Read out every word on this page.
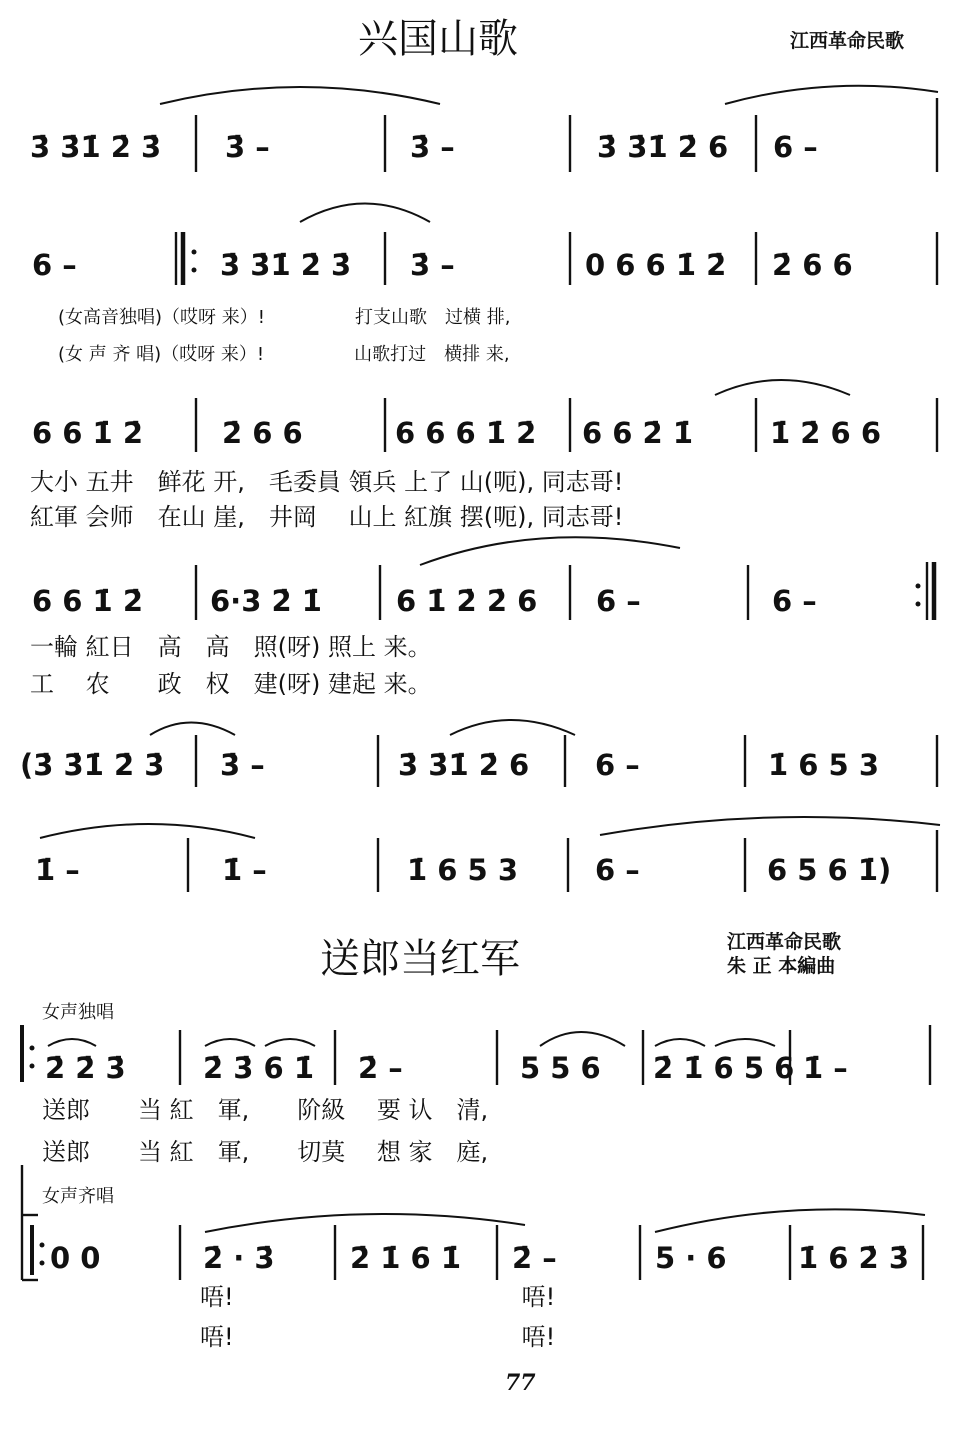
兴国山歌	江西革命民歌
3̇ 3̇1̇ 2̇ 3̇ 3̇ –	3̇ –	3̇ 3̇1̇ 2̇ 6 6 –
6 –	3̇ 3̇1̇ 2̇ 3̇ 3̇ –	0 6 6 1̇ 2̇ 2̇ 6 6
(女高音独唱)（哎呀 来）!　　　　　打支山歌　过横 排,
(女 声 齐 唱)（哎呀 来）!　　　　　山歌打过　横排 来,
6 6 1̇ 2̇	2̇ 6 6	6 6 6 1̇ 2̇ 6 6 2̇ 1̇	1̇ 2̇ 6 6
大小 五井　鲜花 开,　毛委員 領兵 上了 山(呃), 同志哥!
紅軍 会师　在山 崖,　井岡　 山上 紅旗 摆(呃), 同志哥!
6 6 1̇ 2̇ 6·3 2̇ 1̇	6 1̇ 2̇ 2̇ 6 6 –	6 –
一輪 紅日　高　高　照(呀) 照上 来。
工　 农　　政　权　建(呀) 建起 来。
(3̇ 3̇1̇ 2̇ 3̇ 3̇ –	3̇ 3̇1̇ 2̇ 6 6 –	1̇ 6 5 3
1̇ –	1̇ –	1̇ 6 5 3	6 –	6 5 6 1̇)
送郎当红军	江西革命民歌
朱 正 本編曲
女声独唱
2̇ 2̇ 3̇	2̇ 3̇ 6 1̇ 2̇ –	5 5 6 2̇ 1̇ 6 5 6 1̇ –
送郎　　当 紅　軍,　　阶級　 要 认　清,
送郎　　当 紅　軍,　　切莫　 想 家　庭,
女声齐唱
0 0	2̇ · 3̇	2̇ 1̇ 6 1̇ 2̇ –	5 · 6 1̇ 6 2̇ 3̇
唔!　　　　　　　　　　　　唔!
唔!　　　　　　　　　　　　唔!
77
